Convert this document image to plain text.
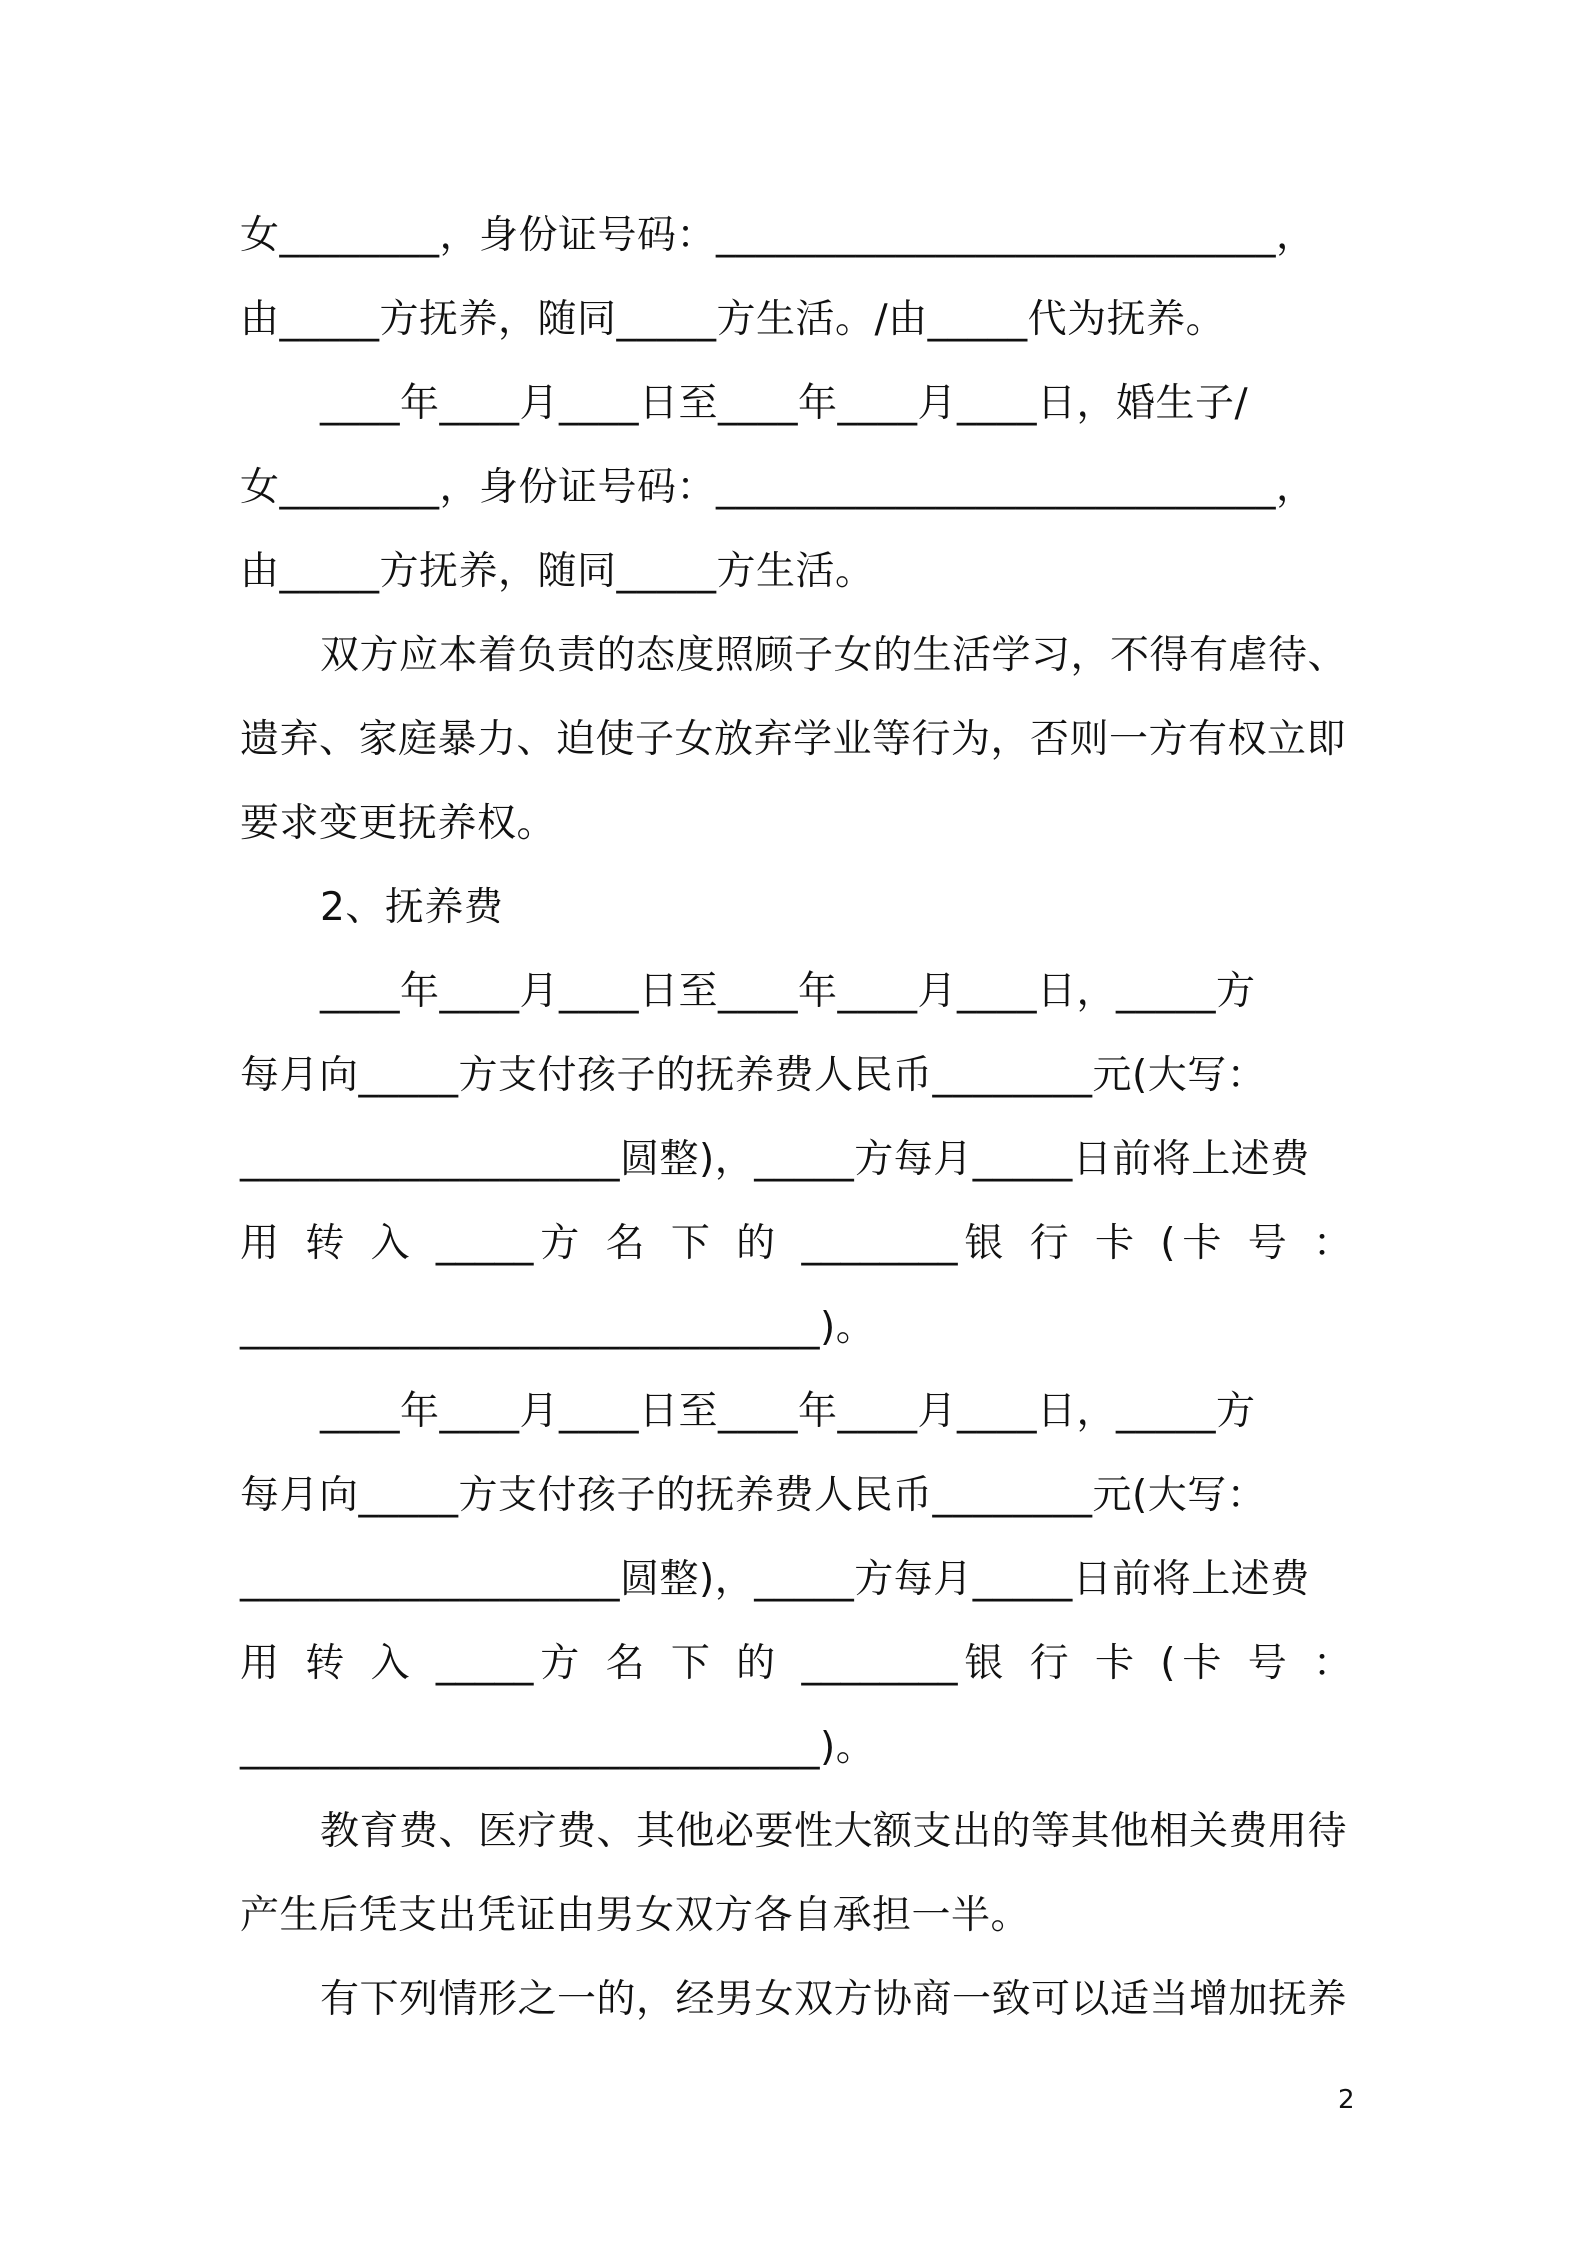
女________，身份证号码：____________________________，
由_____方抚养，随同_____方生活。/由_____代为抚养。
____年____月____日至____年____月____日，婚生子/
女________，身份证号码：____________________________，
由_____方抚养，随同_____方生活。
双方应本着负责的态度照顾子女的生活学习，不得有虐待、
遗弃、家庭暴力、迫使子女放弃学业等行为，否则一方有权立即
要求变更抚养权。
2、抚养费
____年____月____日至____年____月____日，_____方
每月向_____方支付孩子的抚养费人民币________元(大写：
___________________圆整)，_____方每月_____日前将上述费
用 转 入 _____方 名 下 的 ________银 行 卡 (卡 号 ：
_____________________________)。
____年____月____日至____年____月____日，_____方
每月向_____方支付孩子的抚养费人民币________元(大写：
___________________圆整)，_____方每月_____日前将上述费
用 转 入 _____方 名 下 的 ________银 行 卡 (卡 号 ：
_____________________________)。
教育费、医疗费、其他必要性大额支出的等其他相关费用待
产生后凭支出凭证由男女双方各自承担一半。
有下列情形之一的，经男女双方协商一致可以适当增加抚养
2
